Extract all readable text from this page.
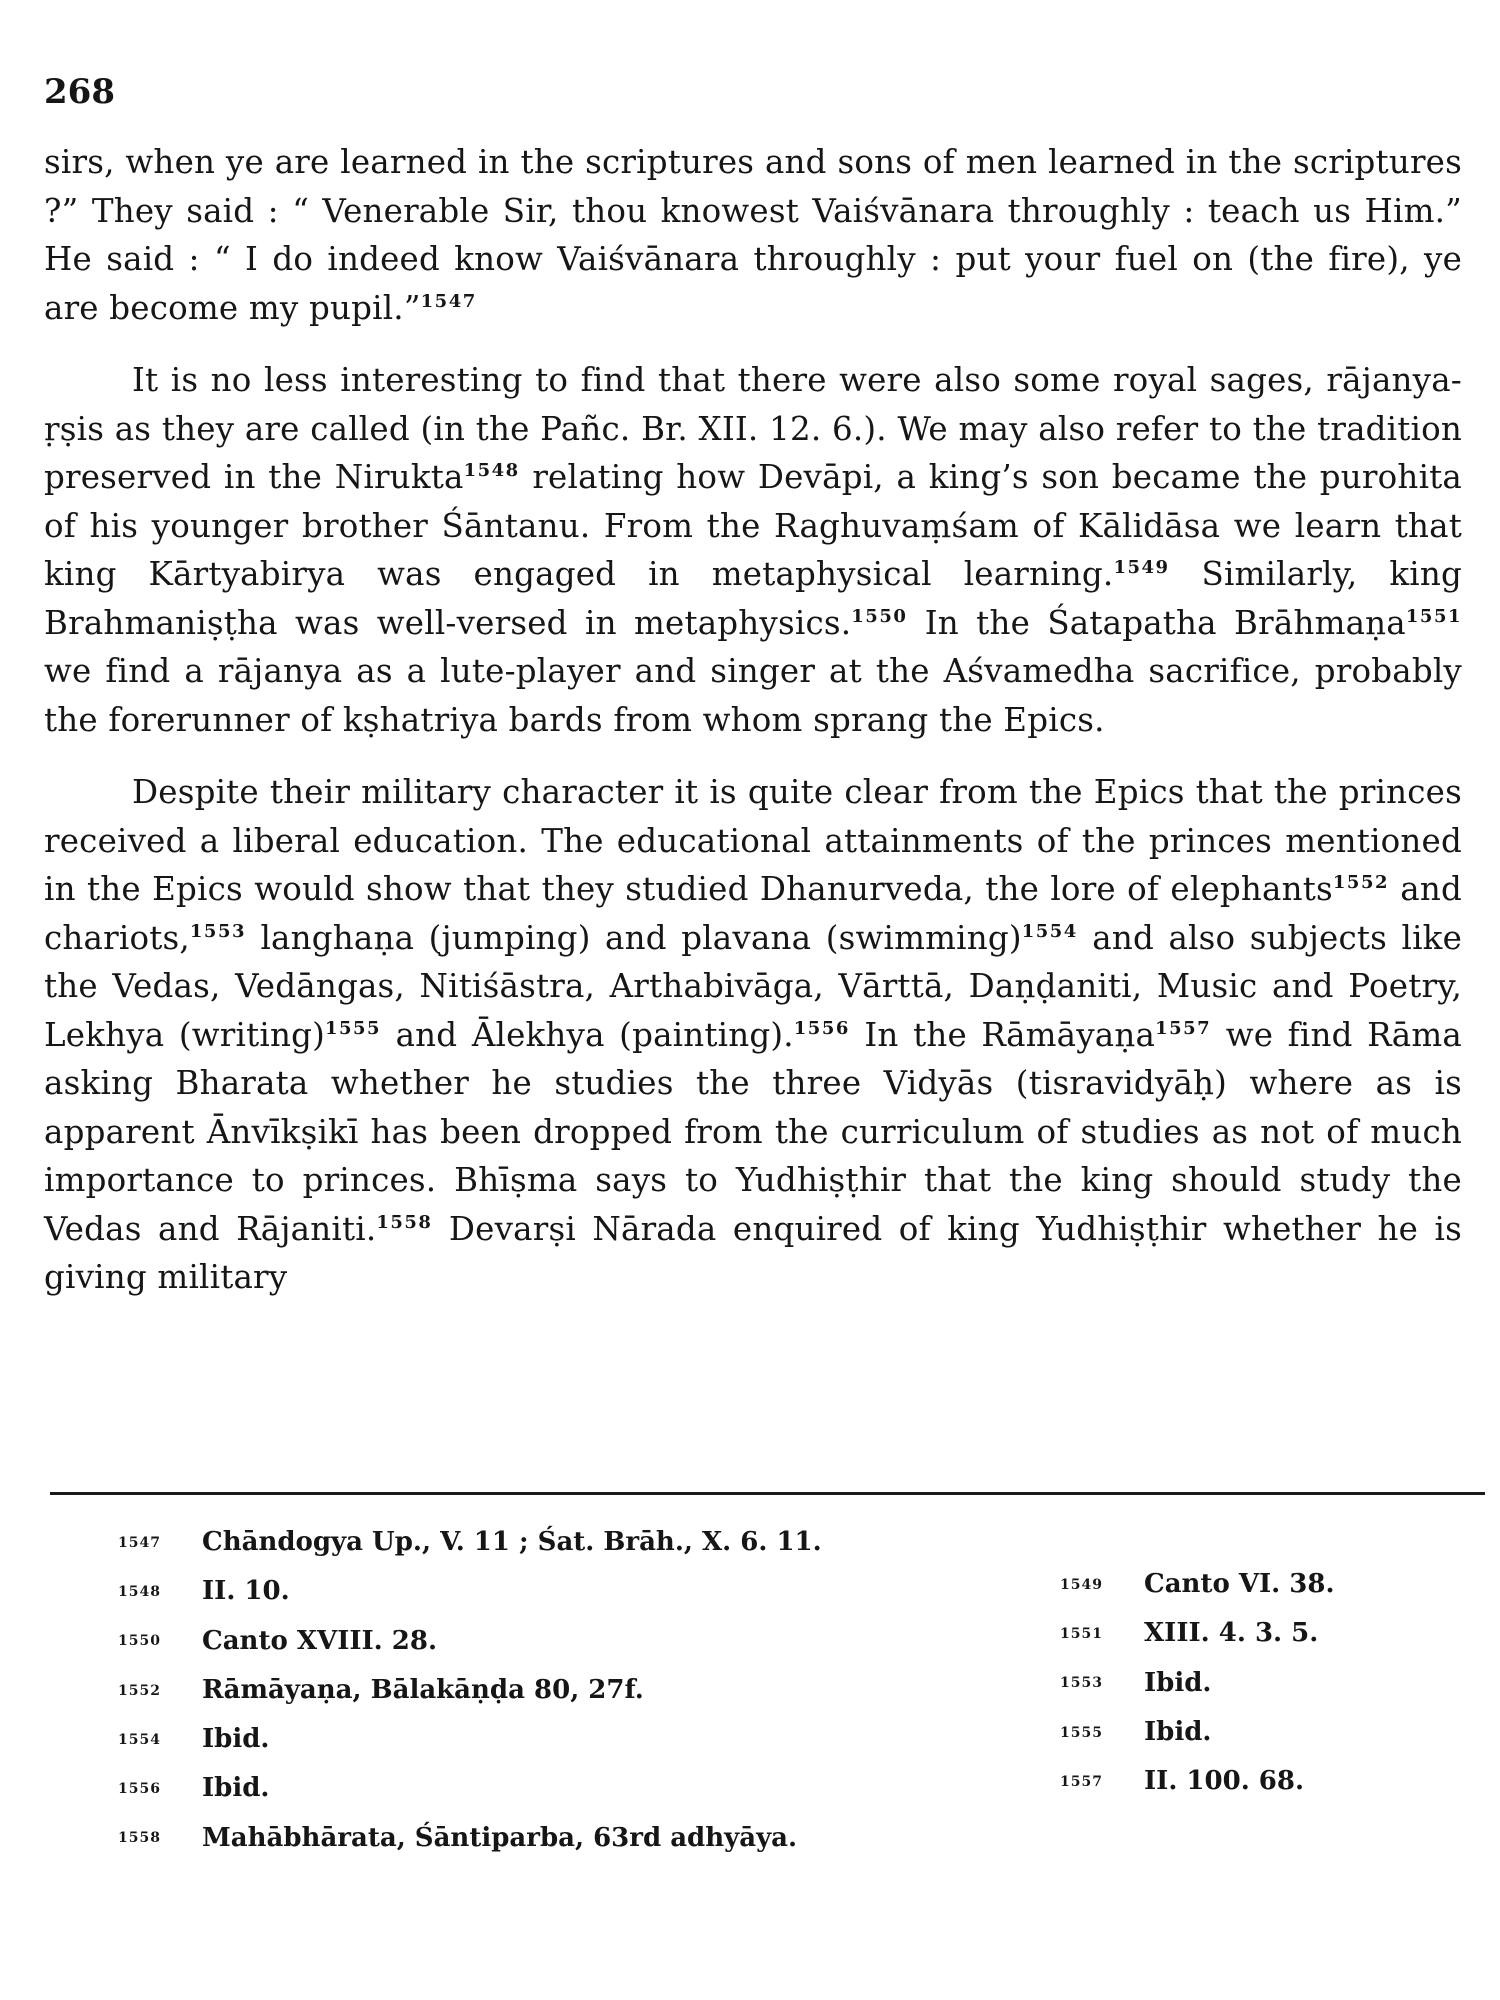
268

sirs, when ye are learned in the scriptures and sons of men learned in the scriptures ?” They said : “ Venerable Sir, thou knowest Vaiśvānara throughly : teach us Him.” He said : “ I do indeed know Vaiśvānara throughly : put your fuel on (the fire), ye are become my pupil.”$^{1547}$

It is no less interesting to find that there were also some royal sages, rājanya-ṛṣis as they are called (in the Pañc. Br. XII. 12. 6.). We may also refer to the tradition preserved in the Nirukta$^{1548}$ relating how Devāpi, a king’s son became the purohita of his younger brother Śāntanu. From the Raghuvaṃśam of Kālidāsa we learn that king Kārtyabirya was engaged in metaphysical learning.$^{1549}$ Similarly, king Brahmaniṣṭha was well-versed in metaphysics.$^{1550}$ In the Śatapatha Brāhmaṇa$^{1551}$ we find a rājanya as a lute-player and singer at the Aśvamedha sacrifice, probably the forerunner of kṣhatriya bards from whom sprang the Epics.

Despite their military character it is quite clear from the Epics that the princes received a liberal education. The educational attainments of the princes mentioned in the Epics would show that they studied Dhanurveda, the lore of elephants$^{1552}$ and chariots,$^{1553}$ langhaṇa (jumping) and plavana (swimming)$^{1554}$ and also subjects like the Vedas, Vedāngas, Nitiśāstra, Arthabivāga, Vārttā, Daṇḍaniti, Music and Poetry, Lekhya (writing)$^{1555}$ and Ālekhya (painting).$^{1556}$ In the Rāmāyaṇa$^{1557}$ we find Rāma asking Bharata whether he studies the three Vidyās (tisravidyāḥ) where as is apparent Ānvīkṣikī has been dropped from the curriculum of studies as not of much importance to princes. Bhīṣma says to Yudhiṣṭhir that the king should study the Vedas and Rājaniti.$^{1558}$ Devarṣi Nārada enquired of king Yudhiṣṭhir whether he is giving military

1547 Chāndogya Up., V. 11 ; Śat. Brāh., X. 6. 11.
1548 II. 10.
1550 Canto XVIII. 28.
1552 Rāmāyaṇa, Bālakāṇḍa 80, 27f.
1554 Ibid.
1556 Ibid.
1558 Mahābhārata, Śāntiparba, 63rd adhyāya.
1549 Canto VI. 38.
1551 XIII. 4. 3. 5.
1553 Ibid.
1555 Ibid.
1557 II. 100. 68.
